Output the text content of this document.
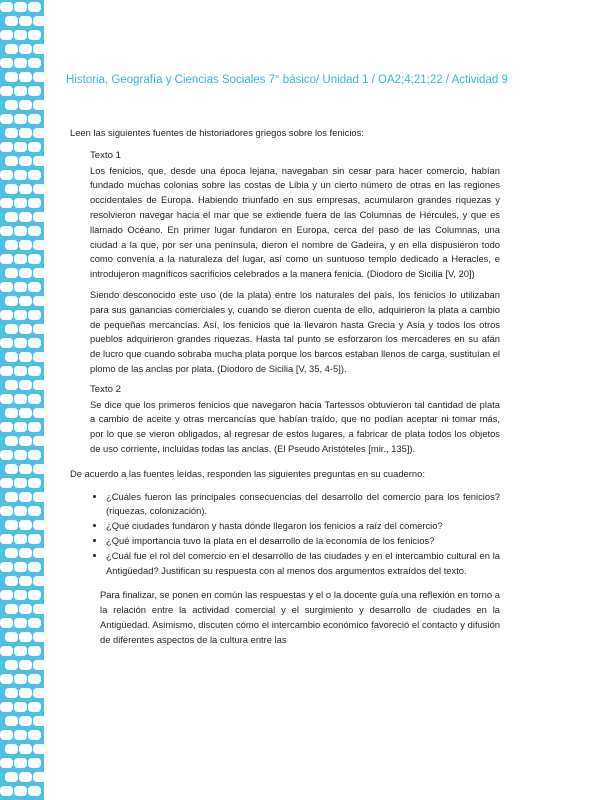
Historia, Geografía y Ciencias Sociales 7° básico/ Unidad 1 / OA2;4;21;22 / Actividad 9

Leen las siguientes fuentes de historiadores griegos sobre los fenicios:

Texto 1

Los fenicios, que, desde una época lejana, navegaban sin cesar para hacer comercio, habían fundado muchas colonias sobre las costas de Libia y un cierto número de otras en las regiones occidentales de Europa. Habiendo triunfado en sus empresas, acumularon grandes riquezas y resolvieron navegar hacia el mar que se extiende fuera de las Columnas de Hércules, y que es llamado Océano. En primer lugar fundaron en Europa, cerca del paso de las Columnas, una ciudad a la que, por ser una península, dieron el nombre de Gadeira, y en ella dispusieron todo como convenía a la naturaleza del lugar, así como un suntuoso templo dedicado a Heracles, e introdujeron magníficos sacrificios celebrados a la manera fenicia. (Diodoro de Sicilia [V, 20])

Siendo desconocido este uso (de la plata) entre los naturales del país, los fenicios lo utilizaban para sus ganancias comerciales y, cuando se dieron cuenta de ello, adquirieron la plata a cambio de pequeñas mercancías. Así, los fenicios que la llevaron hasta Grecia y Asia y todos los otros pueblos adquirieron grandes riquezas. Hasta tal punto se esforzaron los mercaderes en su afán de lucro que cuando sobraba mucha plata porque los barcos estaban llenos de carga, sustituían el plomo de las anclas por plata. (Diodoro de Sicilia [V, 35, 4-5]).

Texto 2

Se dice que los primeros fenicios que navegaron hacia Tartessos obtuvieron tal cantidad de plata a cambio de aceite y otras mercancías que habían traído, que no podían aceptar ni tomar más, por lo que se vieron obligados, al regresar de estos lugares, a fabricar de plata todos los objetos de uso corriente, incluidas todas las anclas. (El Pseudo Aristóteles [mir., 135]).

De acuerdo a las fuentes leídas, responden las siguientes preguntas en su cuaderno:

• ¿Cuáles fueron las principales consecuencias del desarrollo del comercio para los fenicios? (riquezas, colonización).
• ¿Qué ciudades fundaron y hasta dónde llegaron los fenicios a raíz del comercio?
• ¿Qué importancia tuvo la plata en el desarrollo de la economía de los fenicios?
• ¿Cuál fue el rol del comercio en el desarrollo de las ciudades y en el intercambio cultural en la Antigüedad? Justifican su respuesta con al menos dos argumentos extraídos del texto.

Para finalizar, se ponen en común las respuestas y el o la docente guía una reflexión en torno a la relación entre la actividad comercial y el surgimiento y desarrollo de ciudades en la Antigüedad. Asimismo, discuten cómo el intercambio económico favoreció el contacto y difusión de diferentes aspectos de la cultura entre las
